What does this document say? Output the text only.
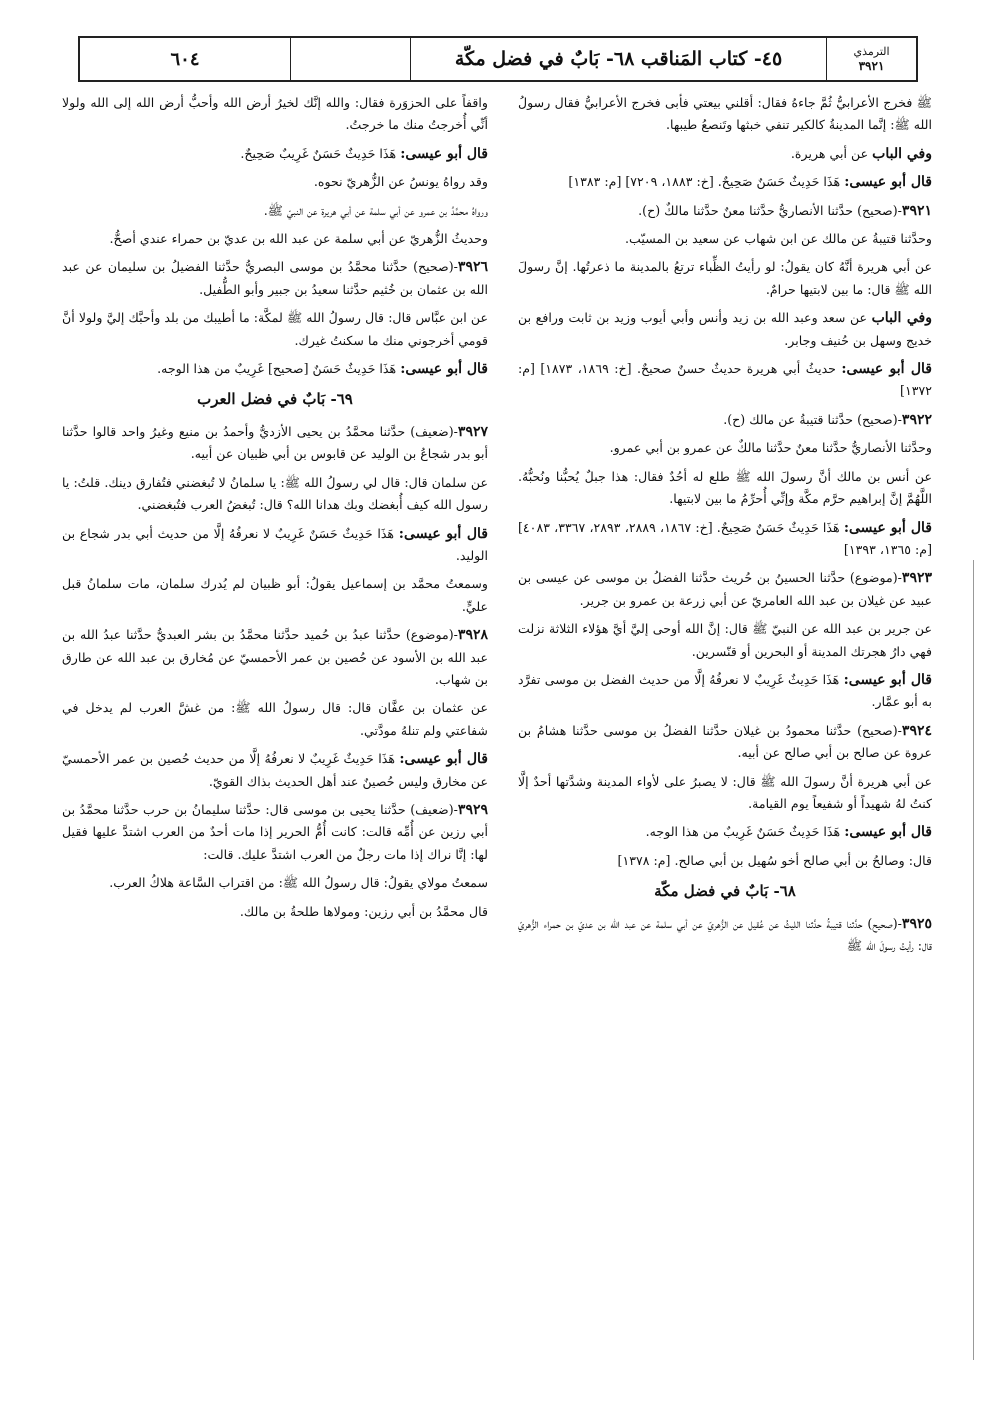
٦٠٤	٤٥- كتاب المَناقب ٦٨- بَابٌ في فضل مكّة	الترمذي
٣٩٢١

ﷺ فخرج الأعرابيُّ ثُمَّ جاءهُ فقال: أقلني بيعتي فأبى فخرج الأعرابيُّ فقال رسولُ الله ﷺ: إنَّما المدينةُ كالكير تنفي خبثها وتَنصعُ طيبها.

وفي الباب عن أبي هريرة.

قال أبو عيسى: هَذَا حَدِيثٌ حَسَنٌ صَحِيحٌ. [خ: ١٨٨٣، ٧٢٠٩] [م: ١٣٨٣]

٣٩٢١-(صحيح) حدَّثنا الأنصاريُّ حدَّثنا معنٌ حدَّثنا مالكٌ (ح).

وحدَّثنا قتيبةُ عن مالك عن ابن شهاب عن سعيد بن المسيّب.

عن أبي هريرة أنَّهُ كان يقولُ: لو رأيتُ الظِّباء ترتعُ بالمدينة ما ذعرتُها. إنَّ رسولَ الله ﷺ قال: ما بين لابتيها حرامٌ.

وفي الباب عن سعد وعبد الله بن زيد وأنس وأبي أيوب وزيد بن ثابت ورافع بن خديج وسهل بن حُنيف وجابر.

قال أبو عيسى: حديثُ أبي هريرة حديثٌ حسنٌ صحيحٌ. [خ: ١٨٦٩، ١٨٧٣] [م: ١٣٧٢]

٣٩٢٢-(صحيح) حدَّثنا قتيبةُ عن مالك (ح).

وحدَّثنا الأنصاريُّ حدَّثنا معنٌ حدَّثنا مالكٌ عن عمرو بن أبي عمرو.

عن أنس بن مالك أنَّ رسولَ الله ﷺ طلع له أحُدٌ فقال: هذا جبلٌ يُحبُّنا ونُحبُّهُ. اللَّهُمَّ إنَّ إبراهيم حرَّم مكَّة وإنِّي أُحرِّمُ ما بين لابتيها.

قال أبو عيسى: هَذَا حَدِيثٌ حَسَنٌ صَحِيحٌ. [خ: ١٨٦٧، ٢٨٨٩، ٢٨٩٣، ٣٣٦٧، ٤٠٨٣] [م: ١٣٦٥، ١٣٩٣]

٣٩٢٣-(موضوع) حدَّثنا الحسينُ بن حُريث حدَّثنا الفضلُ بن موسى عن عيسى بن عبيد عن غيلان بن عبد الله العامريّ عن أبي زرعة بن عمرو بن جرير.

عن جرير بن عبد الله عن النبيّ ﷺ قال: إنَّ الله أوحى إليَّ أيَّ هؤلاء الثلاثة نزلت فهي دارُ هجرتك المدينة أو البحرين أو قنّسرين.

قال أبو عيسى: هَذَا حَدِيثٌ غَرِيبٌ لا نعرفُهُ إلَّا من حديث الفضل بن موسى تفرَّد به أبو عمَّار.

٣٩٢٤-(صحيح) حدَّثنا محمودُ بن غيلان حدَّثنا الفضلُ بن موسى حدَّثنا هشامُ بن عروة عن صالح بن أبي صالح عن أبيه.

عن أبي هريرة أنَّ رسولَ الله ﷺ قال: لا يصبرُ على لأواء المدينة وشدَّتها أحدٌ إلَّا كنتُ لهُ شهيداً أو شفيعاً يوم القيامة.

قال أبو عيسى: هَذَا حَدِيثٌ حَسَنٌ غَرِيبٌ من هذا الوجه.

قال: وصالحُ بن أبي صالح أخو سُهيل بن أبي صالح. [م: ١٣٧٨]

٦٨- بَابٌ في فضل مكّة

٣٩٢٥-(صحيح) حدَّثنا قتيبةُ حدَّثنا الليثُ عن عُقيل عن الزُّهريّ عن أبي سلمة عن عبد الله بن عديّ بن حمراء الزُّهريّ قال: رأيتُ رسولَ الله ﷺ

واقفاً على الحزوَرة فقال: والله إنَّك لخيرُ أرض الله وأحبُّ أرض الله إلى الله ولولا أنِّي أُخرجتُ منك ما خرجتُ.

قال أبو عيسى: هَذَا حَدِيثٌ حَسَنٌ غَرِيبٌ صَحِيحٌ.

وقد رواهُ يونسُ عن الزُّهريّ نحوه.

ورواهُ محمَّدُ بن عمرو عن أبي سلمة عن أبي هريرة عن النبيّ ﷺ.

وحديثُ الزُّهريّ عن أبي سلمة عن عبد الله بن عديّ بن حمراء عندي أصحُّ.

٣٩٢٦-(صحيح) حدَّثنا محمَّدُ بن موسى البصريُّ حدَّثنا الفضيلُ بن سليمان عن عبد الله بن عثمان بن خُثيم حدَّثنا سعيدُ بن جبير وأبو الطُّفيل.

عن ابن عبَّاس قال: قال رسولُ الله ﷺ لمكَّة: ما أطيبك من بلد وأحبَّك إليَّ ولولا أنَّ قومي أخرجوني منك ما سكنتُ غيرك.

قال أبو عيسى: هَذَا حَدِيثٌ حَسَنٌ [صحيح] غَرِيبٌ من هذا الوجه.

٦٩- بَابٌ في فضل العرب

٣٩٢٧-(ضعيف) حدَّثنا محمَّدُ بن يحيى الأزديُّ وأحمدُ بن منيع وغيرُ واحد قالوا حدَّثنا أبو بدر شجاعُ بن الوليد عن قابوس بن أبي ظبيان عن أبيه.

عن سلمان قال: قال لي رسولُ الله ﷺ: يا سلمانُ لا تُبغضني فتُفارق دينك. قلتُ: يا رسول الله كيف أُبغضك وبك هدانا الله؟ قال: تُبغضُ العرب فتُبغضني.

قال أبو عيسى: هَذَا حَدِيثٌ حَسَنٌ غَرِيبٌ لا نعرفُهُ إلَّا من حديث أبي بدر شجاع بن الوليد.

وسمعتُ محمَّد بن إسماعيل يقولُ: أبو ظبيان لم يُدرك سلمان، مات سلمانُ قبل عليٍّ.

٣٩٢٨-(موضوع) حدَّثنا عبدُ بن حُميد حدَّثنا محمَّدُ بن بشر العبديُّ حدَّثنا عبدُ الله بن عبد الله بن الأسود عن حُصين بن عمر الأحمسيّ عن مُخارق بن عبد الله عن طارق بن شهاب.

عن عثمان بن عفَّان قال: قال رسولُ الله ﷺ: من غشَّ العرب لم يدخل في شفاعتي ولم تنلهُ مودَّتي.

قال أبو عيسى: هَذَا حَدِيثٌ غَرِيبٌ لا نعرفُهُ إلَّا من حديث حُصين بن عمر الأحمسيّ عن مخارق وليس حُصينٌ عند أهل الحديث بذاك القويّ.

٣٩٢٩-(ضعيف) حدَّثنا يحيى بن موسى قال: حدَّثنا سليمانُ بن حرب حدَّثنا محمَّدُ بن أبي رزين عن أُمِّه قالت: كانت أُمُّ الحرير إذا مات أحدٌ من العرب اشتدَّ عليها فقيل لها: إنَّا نراك إذا مات رجلٌ من العرب اشتدَّ عليك. قالت:

سمعتُ مولاي يقولُ: قال رسولُ الله ﷺ: من اقتراب السَّاعة هلاكُ العرب.

قال محمَّدُ بن أبي رزين: ومولاها طلحةُ بن مالك.
